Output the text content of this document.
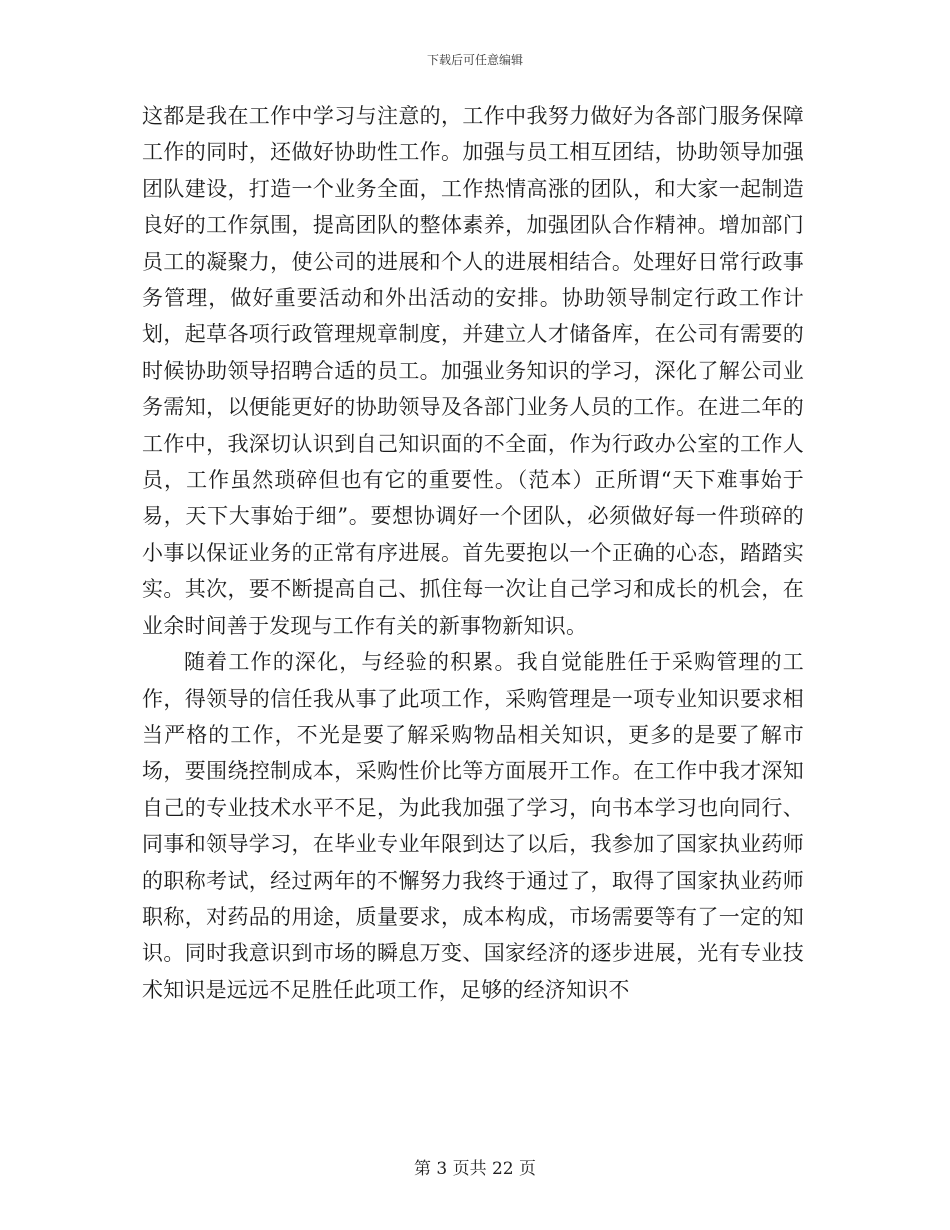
下载后可任意编辑

这都是我在工作中学习与注意的，工作中我努力做好为各部门服务保障工作的同时，还做好协助性工作。加强与员工相互团结，协助领导加强团队建设，打造一个业务全面，工作热情高涨的团队，和大家一起制造良好的工作氛围，提高团队的整体素养，加强团队合作精神。增加部门员工的凝聚力，使公司的进展和个人的进展相结合。处理好日常行政事务管理，做好重要活动和外出活动的安排。协助领导制定行政工作计划，起草各项行政管理规章制度，并建立人才储备库，在公司有需要的时候协助领导招聘合适的员工。加强业务知识的学习，深化了解公司业务需知，以便能更好的协助领导及各部门业务人员的工作。在进二年的工作中，我深切认识到自己知识面的不全面，作为行政办公室的工作人员，工作虽然琐碎但也有它的重要性。（范本）正所谓“天下难事始于易，天下大事始于细”。要想协调好一个团队，必须做好每一件琐碎的小事以保证业务的正常有序进展。首先要抱以一个正确的心态，踏踏实实。其次，要不断提高自己、抓住每一次让自己学习和成长的机会，在业余时间善于发现与工作有关的新事物新知识。

随着工作的深化，与经验的积累。我自觉能胜任于采购管理的工作，得领导的信任我从事了此项工作，采购管理是一项专业知识要求相当严格的工作，不光是要了解采购物品相关知识，更多的是要了解市场，要围绕控制成本，采购性价比等方面展开工作。在工作中我才深知自己的专业技术水平不足，为此我加强了学习，向书本学习也向同行、同事和领导学习，在毕业专业年限到达了以后，我参加了国家执业药师的职称考试，经过两年的不懈努力我终于通过了，取得了国家执业药师职称，对药品的用途，质量要求，成本构成，市场需要等有了一定的知识。同时我意识到市场的瞬息万变、国家经济的逐步进展，光有专业技术知识是远远不足胜任此项工作，足够的经济知识不

第 3 页共 22 页
